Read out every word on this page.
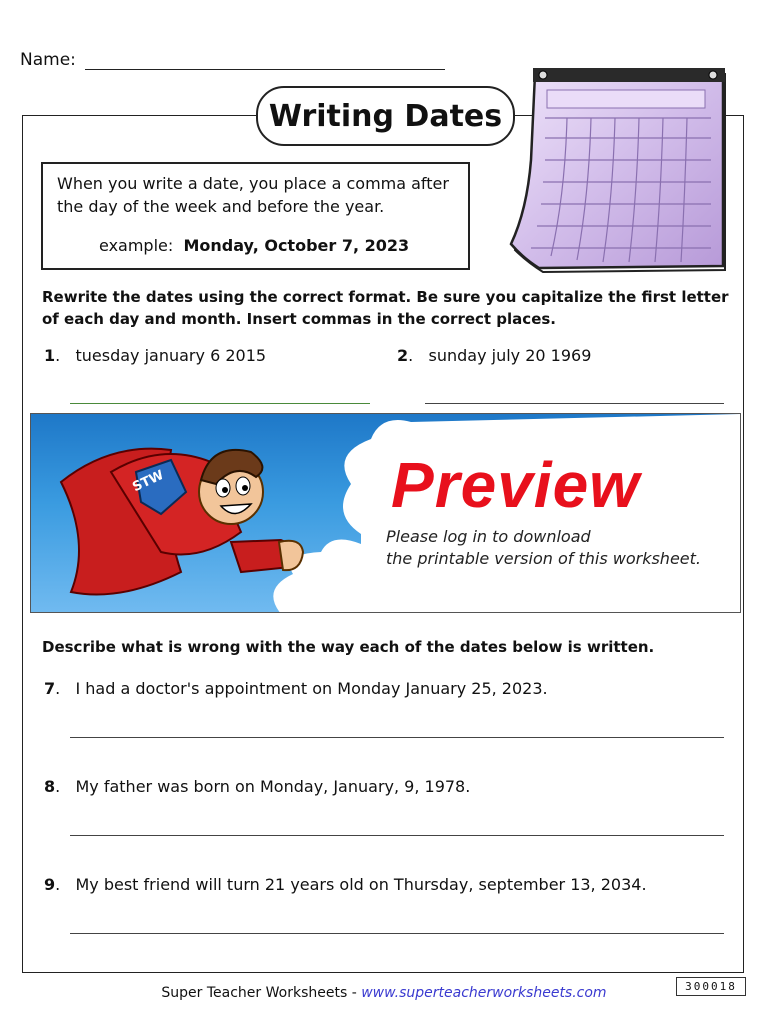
Name:
Writing Dates
When you write a date, you place a comma after the day of the week and before the year.
example: Monday, October 7, 2023
Rewrite the dates using the correct format. Be sure you capitalize the first letter of each day and month. Insert commas in the correct places.
1.   tuesday january 6 2015	2.   sunday july 20 1969
STW	Preview
Please log in to download
the printable version of this worksheet.
Describe what is wrong with the way each of the dates below is written.
7.   I had a doctor's appointment on Monday January 25, 2023.
8.   My father was born on Monday, January, 9, 1978.
9.   My best friend will turn 21 years old on Thursday, september 13, 2034.
300018
Super Teacher Worksheets - www.superteacherworksheets.com
